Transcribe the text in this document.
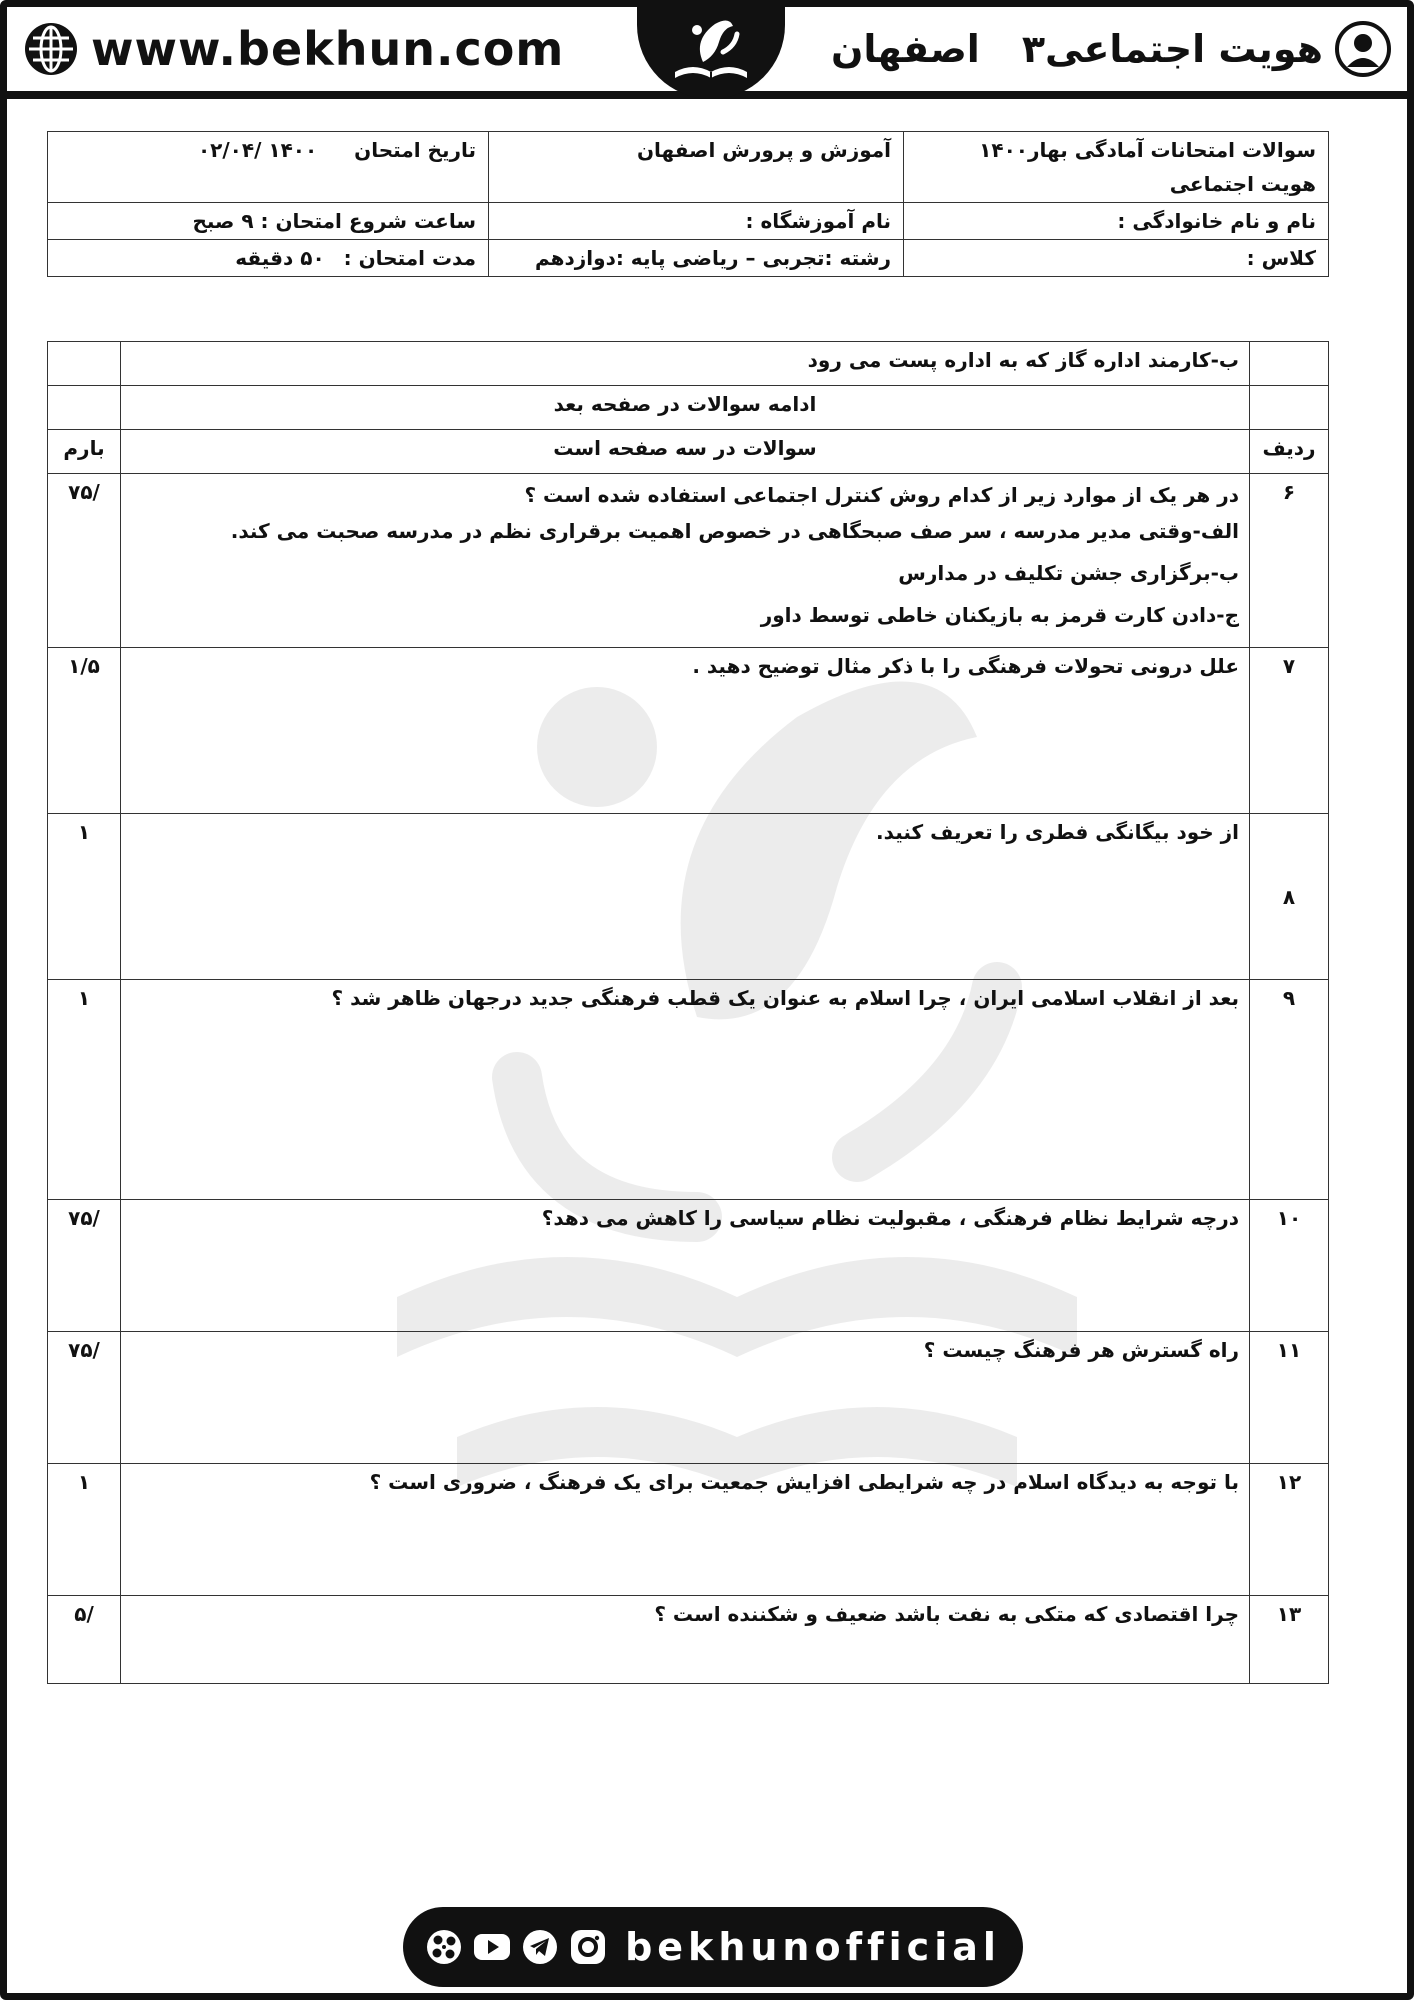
www.bekhun.com	هویت اجتماعی۳
اصفهان
سوالات امتحانات آمادگی بهار۱۴۰۰
هویت اجتماعی	آموزش و پرورش اصفهان	تاریخ امتحان ۱۴۰۰ /۰۲/۰۴
نام و نام خانوادگی :	نام آموزشگاه :	ساعت شروع امتحان : ۹ صبح
کلاس :	رشته :تجربی – ریاضی پایه :دوازدهم	مدت امتحان : ۵۰ دقیقه
	ب-کارمند اداره گاز که به اداره پست می رود	
	ادامه سوالات در صفحه بعد	
ردیف	سوالات در سه صفحه است	بارم
۶	در هر یک از موارد زیر از کدام روش کنترل اجتماعی استفاده شده است ؟
الف-وقتی مدیر مدرسه ، سر صف صبحگاهی در خصوص اهمیت برقراری نظم در مدرسه صحبت می کند.
ب-برگزاری جشن تکلیف در مدارس
ج-دادن کارت قرمز به بازیکنان خاطی توسط داور	/۷۵
۷	علل درونی تحولات فرهنگی را با ذکر مثال توضیح دهید .	۱/۵
۸	از خود بیگانگی فطری را تعریف کنید.	۱
۹	بعد از انقلاب اسلامی ایران ، چرا اسلام به عنوان یک قطب فرهنگی جدید درجهان ظاهر شد ؟	۱
۱۰	درچه شرایط نظام فرهنگی ، مقبولیت نظام سیاسی را کاهش می دهد؟	/۷۵
۱۱	راه گسترش هر فرهنگ چیست ؟	/۷۵
۱۲	با توجه به دیدگاه اسلام در چه شرایطی افزایش جمعیت برای یک فرهنگ ، ضروری است ؟	۱
۱۳	چرا اقتصادی که متکی به نفت باشد ضعیف و شکننده است ؟	/۵
bekhunofficial
